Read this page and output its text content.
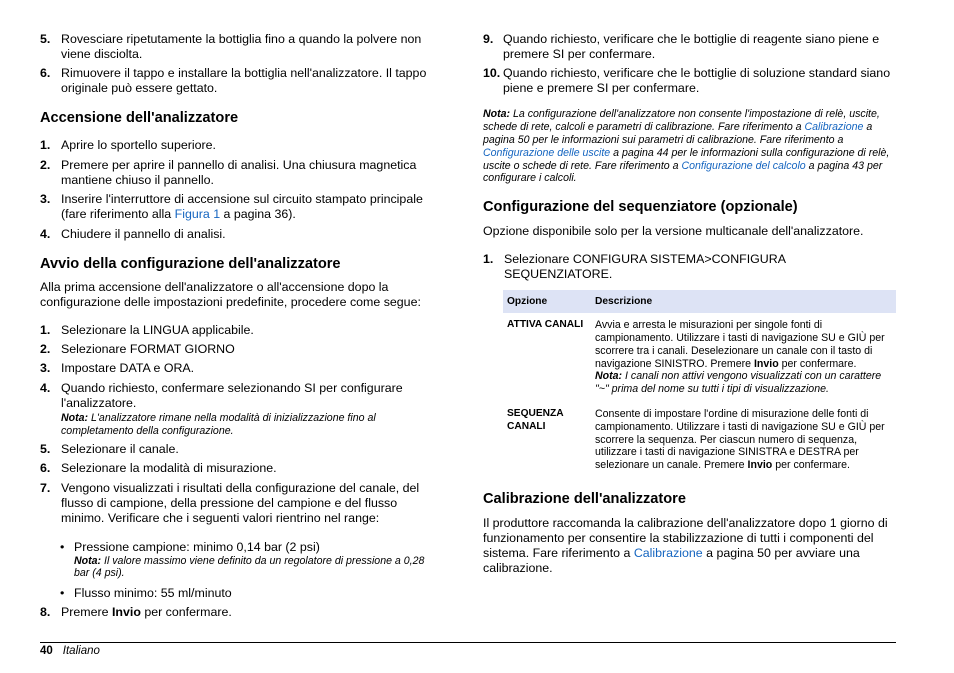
5. Rovesciare ripetutamente la bottiglia fino a quando la polvere non viene disciolta.
6. Rimuovere il tappo e installare la bottiglia nell'analizzatore. Il tappo originale può essere gettato.
Accensione dell'analizzatore
1. Aprire lo sportello superiore.
2. Premere per aprire il pannello di analisi. Una chiusura magnetica mantiene chiuso il pannello.
3. Inserire l'interruttore di accensione sul circuito stampato principale (fare riferimento alla Figura 1 a pagina 36).
4. Chiudere il pannello di analisi.
Avvio della configurazione dell'analizzatore

Alla prima accensione dell'analizzatore o all'accensione dopo la configurazione delle impostazioni predefinite, procedere come segue:

1. Selezionare la LINGUA applicabile.
2. Selezionare FORMAT GIORNO
3. Impostare DATA e ORA.
4. Quando richiesto, confermare selezionando SI per configurare l'analizzatore.
Nota: L'analizzatore rimane nella modalità di inizializzazione fino al completamento della configurazione.
5. Selezionare il canale.
6. Selezionare la modalità di misurazione.
7. Vengono visualizzati i risultati della configurazione del canale, del flusso di campione, della pressione del campione e del flusso minimo. Verificare che i seguenti valori rientrino nel range:
• Pressione campione: minimo 0,14 bar (2 psi)
Nota: Il valore massimo viene definito da un regolatore di pressione a 0,28 bar (4 psi).
• Flusso minimo: 55 ml/minuto
8. Premere Invio per confermare.
9. Quando richiesto, verificare che le bottiglie di reagente siano piene e premere SI per confermare.
10. Quando richiesto, verificare che le bottiglie di soluzione standard siano piene e premere SI per confermare.
Nota: La configurazione dell'analizzatore non consente l'impostazione di relè, uscite, schede di rete, calcoli e parametri di calibrazione. Fare riferimento a Calibrazione a pagina 50 per le informazioni sui parametri di calibrazione. Fare riferimento a Configurazione delle uscite a pagina 44 per le informazioni sulla configurazione di relè, uscite o schede di rete. Fare riferimento a Configurazione del calcolo a pagina 43 per configurare i calcoli.
Configurazione del sequenziatore (opzionale)

Opzione disponibile solo per la versione multicanale dell'analizzatore.

1. Selezionare CONFIGURA SISTEMA>CONFIGURA SEQUENZIATORE.
Opzione	Descrizione
ATTIVA CANALI	Avvia e arresta le misurazioni per singole fonti di campionamento. Utilizzare i tasti di navigazione SU e GIÙ per scorrere tra i canali. Deselezionare un canale con il tasto di navigazione SINISTRO. Premere Invio per confermare.
Nota: I canali non attivi vengono visualizzati con un carattere "~" prima del nome su tutti i tipi di visualizzazione.

SEQUENZA CANALI	Consente di impostare l'ordine di misurazione delle fonti di campionamento. Utilizzare i tasti di navigazione SU e GIÙ per scorrere la sequenza. Per ciascun numero di sequenza, utilizzare i tasti di navigazione SINISTRA e DESTRA per selezionare un canale. Premere Invio per confermare.
Calibrazione dell'analizzatore

Il produttore raccomanda la calibrazione dell'analizzatore dopo 1 giorno di funzionamento per consentire la stabilizzazione di tutti i componenti del sistema. Fare riferimento a Calibrazione a pagina 50 per avviare una calibrazione.

40 Italiano
